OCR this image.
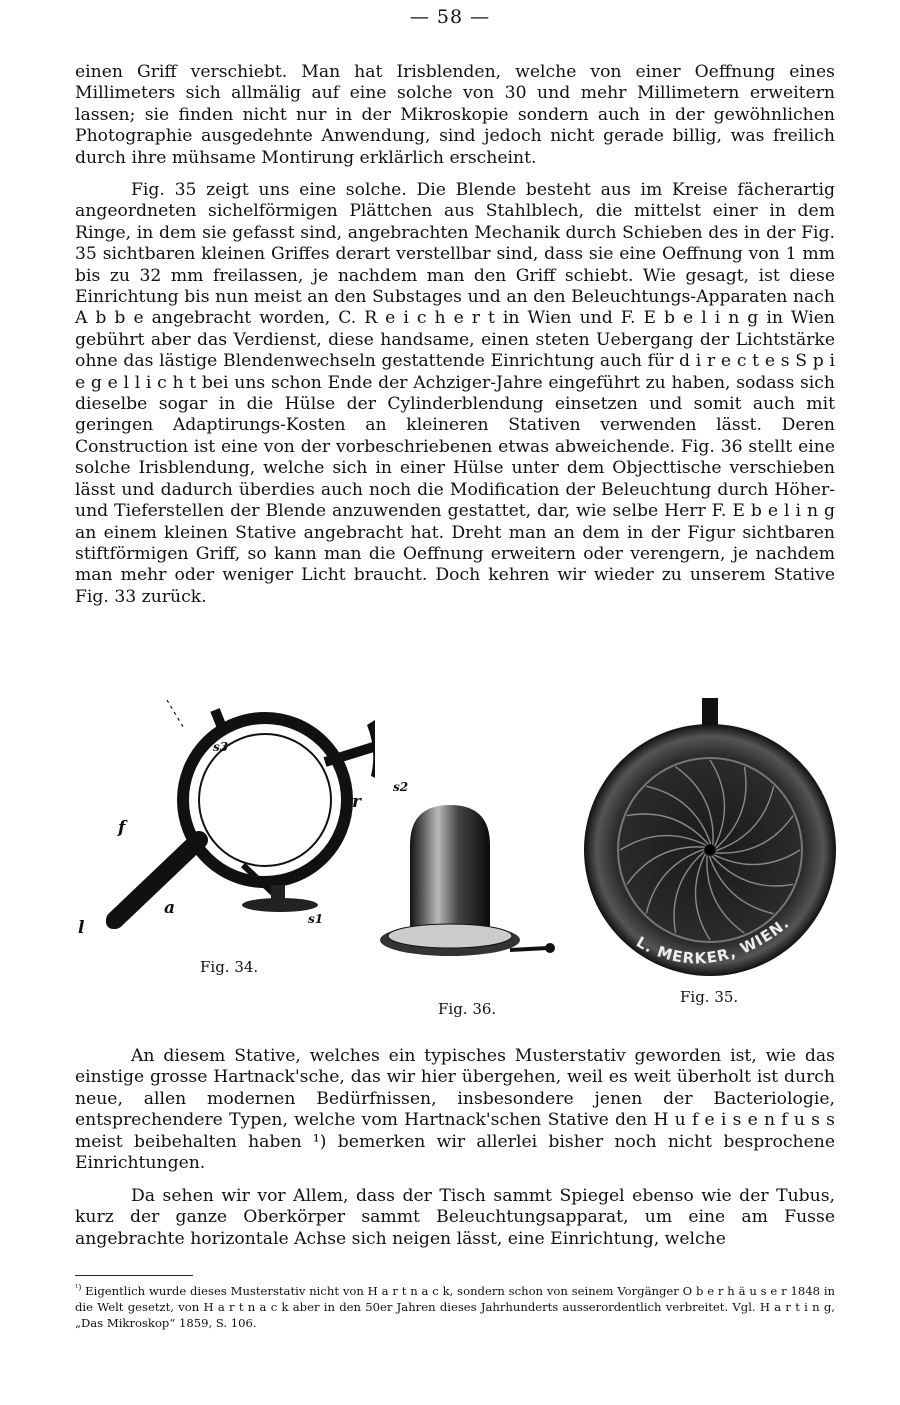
— 58 —

einen Griff verschiebt. Man hat Irisblenden, welche von einer Oeffnung eines Millimeters sich allmälig auf eine solche von 30 und mehr Millimetern erweitern lassen; sie finden nicht nur in der Mikroskopie sondern auch in der gewöhnlichen Photographie ausgedehnte Anwendung, sind jedoch nicht gerade billig, was freilich durch ihre mühsame Montirung erklärlich erscheint.

Fig. 35 zeigt uns eine solche. Die Blende besteht aus im Kreise fächerartig angeordneten sichelförmigen Plättchen aus Stahlblech, die mittelst einer in dem Ringe, in dem sie gefasst sind, angebrachten Mechanik durch Schieben des in der Fig. 35 sichtbaren kleinen Griffes derart verstellbar sind, dass sie eine Oeffnung von 1 mm bis zu 32 mm freilassen, je nachdem man den Griff schiebt. Wie gesagt, ist diese Einrichtung bis nun meist an den Substages und an den Beleuchtungs-Apparaten nach A b b e angebracht worden, C. R e i c h e r t in Wien und F. E b e l i n g in Wien gebührt aber das Verdienst, diese handsame, einen steten Uebergang der Lichtstärke ohne das lästige Blendenwechseln gestattende Einrichtung auch für d i r e c t e s S p i e g e l l i c h t bei uns schon Ende der Achziger-Jahre eingeführt zu haben, sodass sich dieselbe sogar in die Hülse der Cylinderblendung einsetzen und somit auch mit geringen Adaptirungs-Kosten an kleineren Stativen verwenden lässt. Deren Construction ist eine von der vorbeschriebenen etwas abweichende. Fig. 36 stellt eine solche Irisblendung, welche sich in einer Hülse unter dem Objecttische verschieben lässt und dadurch überdies auch noch die Modification der Beleuchtung durch Höher- und Tieferstellen der Blende anzuwenden gestattet, dar, wie selbe Herr F. E b e l i n g an einem kleinen Stative angebracht hat. Dreht man an dem in der Figur sichtbaren stiftförmigen Griff, so kann man die Oeffnung erweitern oder verengern, je nachdem man mehr oder weniger Licht braucht. Doch kehren wir wieder zu unserem Stative Fig. 33 zurück.

s3
s2
s1
r
f
a
l
Fig. 34.
Fig. 36.
L. MERKER, WIEN.
Fig. 35.

An diesem Stative, welches ein typisches Musterstativ geworden ist, wie das einstige grosse Hartnack'sche, das wir hier übergehen, weil es weit überholt ist durch neue, allen modernen Bedürfnissen, insbesondere jenen der Bacteriologie, entsprechendere Typen, welche vom Hartnack'schen Stative den H u f e i s e n f u s s meist beibehalten haben ¹) bemerken wir allerlei bisher noch nicht besprochene Einrichtungen.

Da sehen wir vor Allem, dass der Tisch sammt Spiegel ebenso wie der Tubus, kurz der ganze Oberkörper sammt Beleuchtungsapparat, um eine am Fusse angebrachte horizontale Achse sich neigen lässt, eine Einrichtung, welche

$^{^1)}$ Eigentlich wurde dieses Musterstativ nicht von H a r t n a c k, sondern schon von seinem Vorgänger O b e r h ä u s e r 1848 in die Welt gesetzt, von H a r t n a c k aber in den 50er Jahren dieses Jahrhunderts ausserordentlich verbreitet. Vgl. H a r t i n g, „Das Mikroskop“ 1859, S. 106.
